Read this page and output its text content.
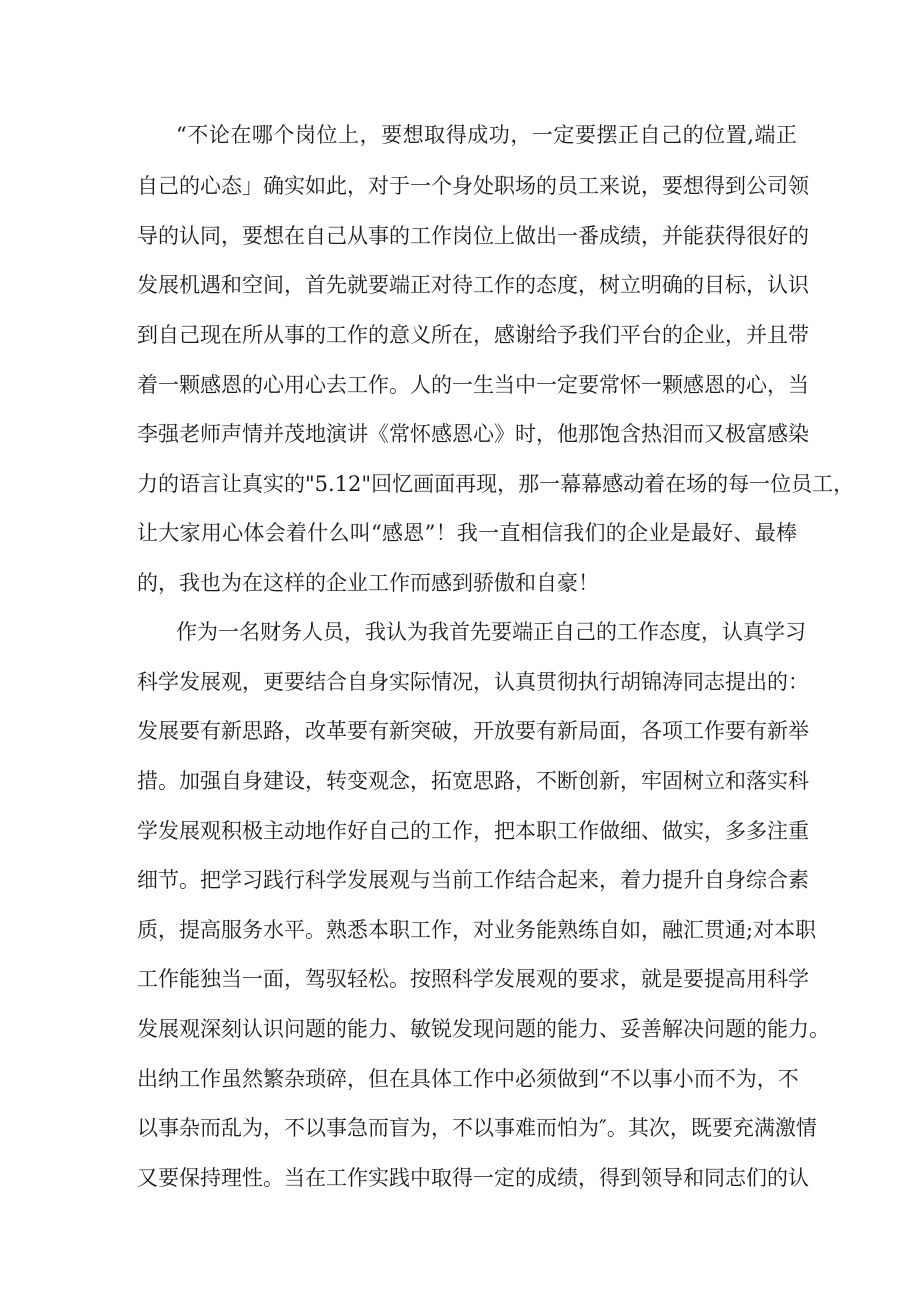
“不论在哪个岗位上，要想取得成功，一定要摆正自己的位置,端正
自己的心态」确实如此，对于一个身处职场的员工来说，要想得到公司领
导的认同，要想在自己从事的工作岗位上做出一番成绩，并能获得很好的
发展机遇和空间，首先就要端正对待工作的态度，树立明确的目标，认识
到自己现在所从事的工作的意义所在，感谢给予我们平台的企业，并且带
着一颗感恩的心用心去工作。人的一生当中一定要常怀一颗感恩的心，当
李强老师声情并茂地演讲《常怀感恩心》时，他那饱含热泪而又极富感染
力的语言让真实的"5.12"回忆画面再现，那一幕幕感动着在场的每一位员工，
让大家用心体会着什么叫“感恩”！我一直相信我们的企业是最好、最棒
的，我也为在这样的企业工作而感到骄傲和自豪！
作为一名财务人员，我认为我首先要端正自己的工作态度，认真学习
科学发展观，更要结合自身实际情况，认真贯彻执行胡锦涛同志提出的：
发展要有新思路，改革要有新突破，开放要有新局面，各项工作要有新举
措。加强自身建设，转变观念，拓宽思路，不断创新，牢固树立和落实科
学发展观积极主动地作好自己的工作，把本职工作做细、做实，多多注重
细节。把学习践行科学发展观与当前工作结合起来，着力提升自身综合素
质，提高服务水平。熟悉本职工作，对业务能熟练自如，融汇贯通;对本职
工作能独当一面，驾驭轻松。按照科学发展观的要求，就是要提高用科学
发展观深刻认识问题的能力、敏锐发现问题的能力、妥善解决问题的能力。
出纳工作虽然繁杂琐碎，但在具体工作中必须做到“不以事小而不为，不
以事杂而乱为，不以事急而盲为，不以事难而怕为″。其次，既要充满激情
又要保持理性。当在工作实践中取得一定的成绩，得到领导和同志们的认
